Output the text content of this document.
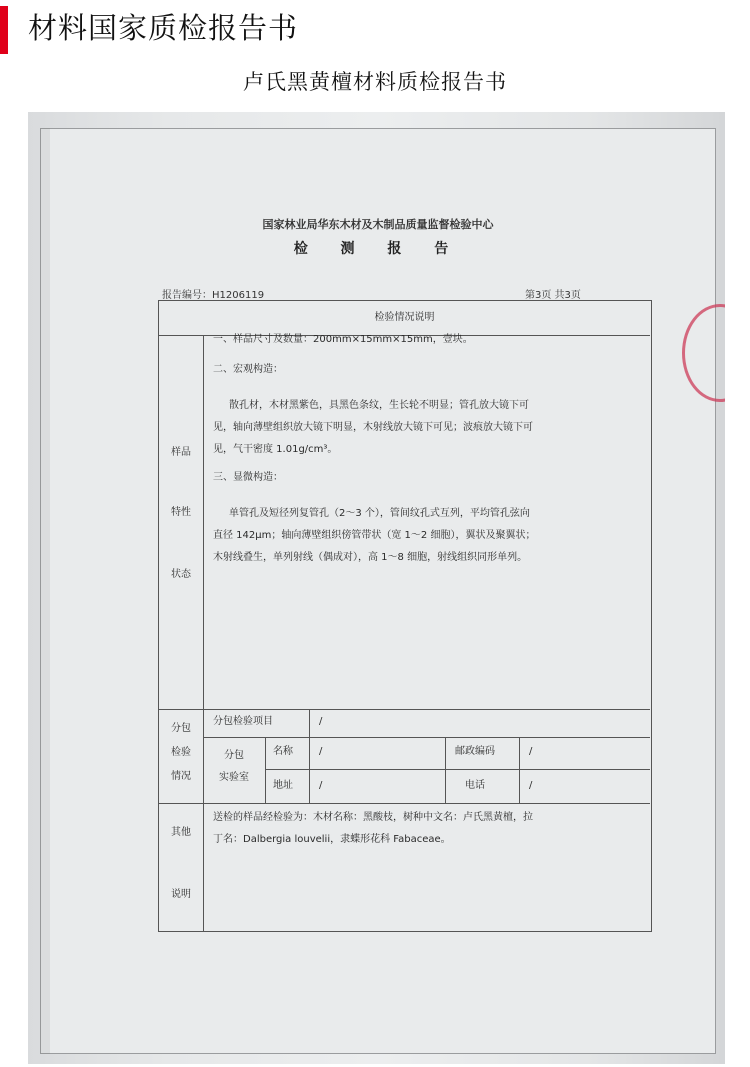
材料国家质检报告书
卢氏黑黄檀材料质检报告书
国家林业局华东木材及木制品质量监督检验中心
检 测 报 告
报告编号：H1206119	第3页 共3页
检验情况说明
样品
特性
状态
一、样品尺寸及数量：200mm×15mm×15mm，壹块。
二、宏观构造：
散孔材，木材黑紫色，具黑色条纹，生长轮不明显；管孔放大镜下可
见，轴向薄壁组织放大镜下明显，木射线放大镜下可见；波痕放大镜下可
见，气干密度 1.01g/cm³。
三、显微构造：
单管孔及短径列复管孔（2～3 个），管间纹孔式互列，平均管孔弦向
直径 142μm；轴向薄壁组织傍管带状（宽 1～2 细胞），翼状及聚翼状；
木射线叠生，单列射线（偶成对），高 1～8 细胞，射线组织同形单列。
分包
检验
情况
分包检验项目	/
分包
实验室
名称	/	邮政编码	/
地址	/	电话	/
其他
说明
送检的样品经检验为：木材名称：黑酸枝，树种中文名：卢氏黑黄檀，拉
丁名：Dalbergia louvelii，隶蝶形花科 Fabaceae。
